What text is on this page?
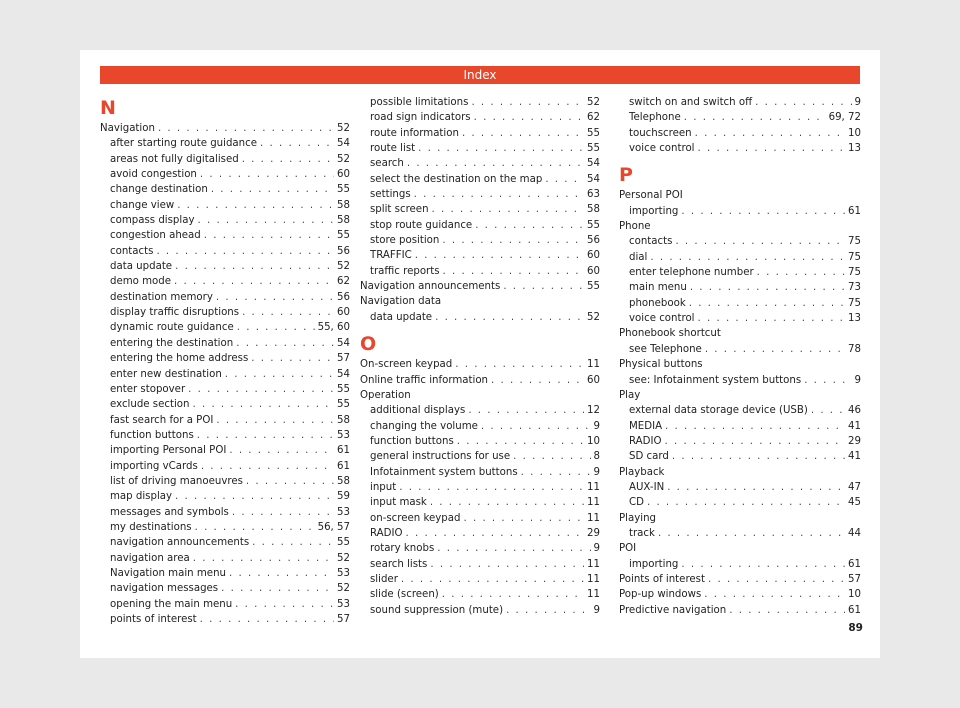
Index
N
Navigation . . .	52
after starting route guidance . . .	54
areas not fully digitalised . . .	52
avoid congestion . . .	60
change destination . . .	55
change view . . .	58
compass display . . .	58
congestion ahead . . .	55
contacts . . .	56
data update . . .	52
demo mode . . .	62
destination memory . . .	56
display traffic disruptions . . .	60
dynamic route guidance . . .	55, 60
entering the destination . . .	54
entering the home address . . .	57
enter new destination . . .	54
enter stopover . . .	55
exclude section . . .	55
fast search for a POI . . .	58
function buttons . . .	53
importing Personal POI . . .	61
importing vCards . . .	61
list of driving manoeuvres . . .	58
map display . . .	59
messages and symbols . . .	53
my destinations . . .	56, 57
navigation announcements . . .	55
navigation area . . .	52
Navigation main menu . . .	53
navigation messages . . .	52
opening the main menu . . .	53
points of interest . . .	57
possible limitations . . .	52
road sign indicators . . .	62
route information . . .	55
route list . . .	55
search . . .	54
select the destination on the map . . .	54
settings . . .	63
split screen . . .	58
stop route guidance . . .	55
store position . . .	56
TRAFFIC . . .	60
traffic reports . . .	60
Navigation announcements . . .	55
Navigation data
data update . . .	52
O
On-screen keypad . . .	11
Online traffic information . . .	60
Operation
additional displays . . .	12
changing the volume . . .	9
function buttons . . .	10
general instructions for use . . .	8
Infotainment system buttons . . .	9
input . . .	11
input mask . . .	11
on-screen keypad . . .	11
RADIO . . .	29
rotary knobs . . .	9
search lists . . .	11
slider . . .	11
slide (screen) . . .	11
sound suppression (mute) . . .	9
switch on and switch off . . .	9
Telephone . . .	69, 72
touchscreen . . .	10
voice control . . .	13
P
Personal POI
importing . . .	61
Phone
contacts . . .	75
dial . . .	75
enter telephone number . . .	75
main menu . . .	73
phonebook . . .	75
voice control . . .	13
Phonebook shortcut
see Telephone . . .	78
Physical buttons
see: Infotainment system buttons . . .	9
Play
external data storage device (USB) . . .	46
MEDIA . . .	41
RADIO . . .	29
SD card . . .	41
Playback
AUX-IN . . .	47
CD . . .	45
Playing
track . . .	44
POI
importing . . .	61
Points of interest . . .	57
Pop-up windows . . .	10
Predictive navigation . . .	61
89
